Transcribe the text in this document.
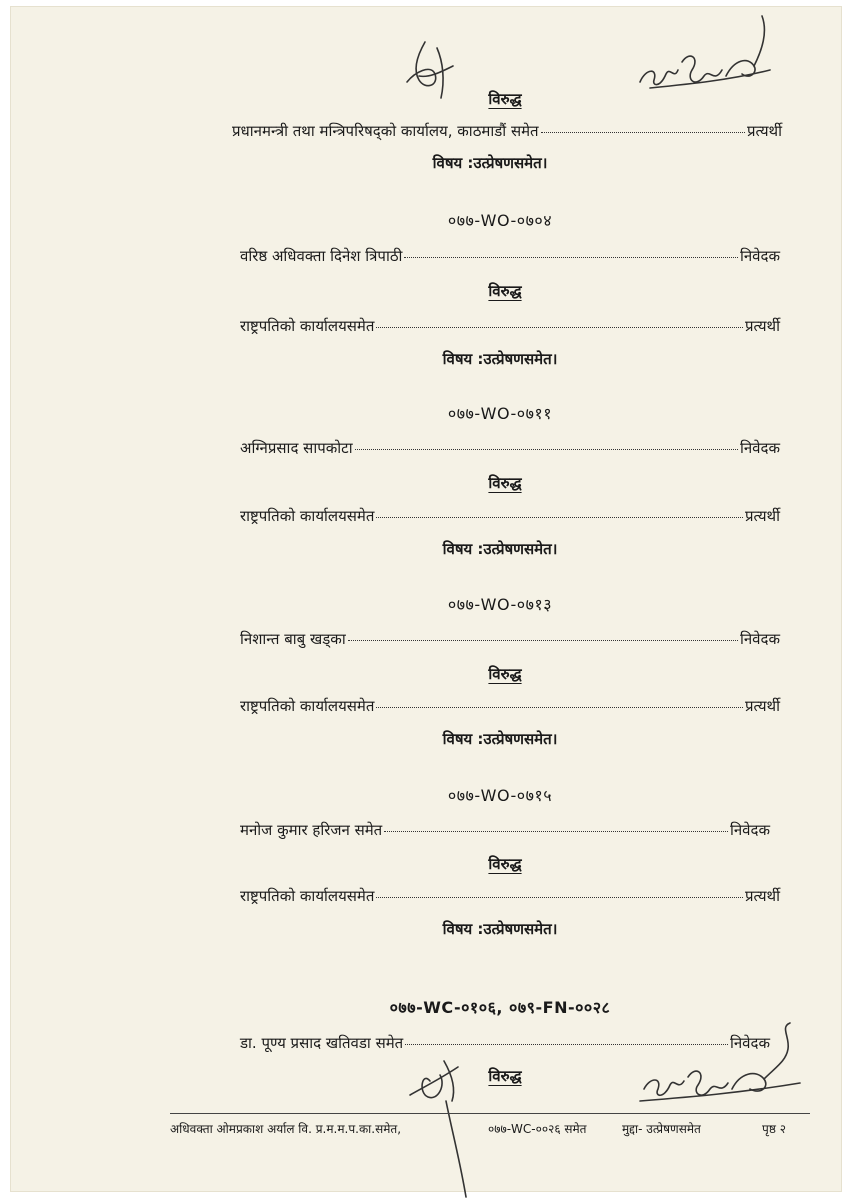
विरुद्ध
प्रधानमन्त्री तथा मन्त्रिपरिषद्को कार्यालय, काठमाडौं समेत	प्रत्यर्थी
विषय :उत्प्रेषणसमेत।
०७७-WO-०७०४
वरिष्ठ अधिवक्ता दिनेश त्रिपाठी	निवेदक
विरुद्ध
राष्ट्रपतिको कार्यालयसमेत	प्रत्यर्थी
विषय :उत्प्रेषणसमेत।
०७७-WO-०७११
अग्निप्रसाद सापकोटा	निवेदक
विरुद्ध
राष्ट्रपतिको कार्यालयसमेत	प्रत्यर्थी
विषय :उत्प्रेषणसमेत।
०७७-WO-०७१३
निशान्त बाबु खड्का	निवेदक
विरुद्ध
राष्ट्रपतिको कार्यालयसमेत	प्रत्यर्थी
विषय :उत्प्रेषणसमेत।
०७७-WO-०७१५
मनोज कुमार हरिजन समेत	निवेदक
विरुद्ध
राष्ट्रपतिको कार्यालयसमेत	प्रत्यर्थी
विषय :उत्प्रेषणसमेत।
०७७-WC-०१०६, ०७९-FN-००२८
डा. पूण्य प्रसाद खतिवडा समेत	निवेदक
विरुद्ध
अधिवक्ता ओमप्रकाश अर्याल वि. प्र.म.म.प.का.समेत,	०७७-WC-००२६ समेत	मुद्दा- उत्प्रेषणसमेत	पृष्ठ २
